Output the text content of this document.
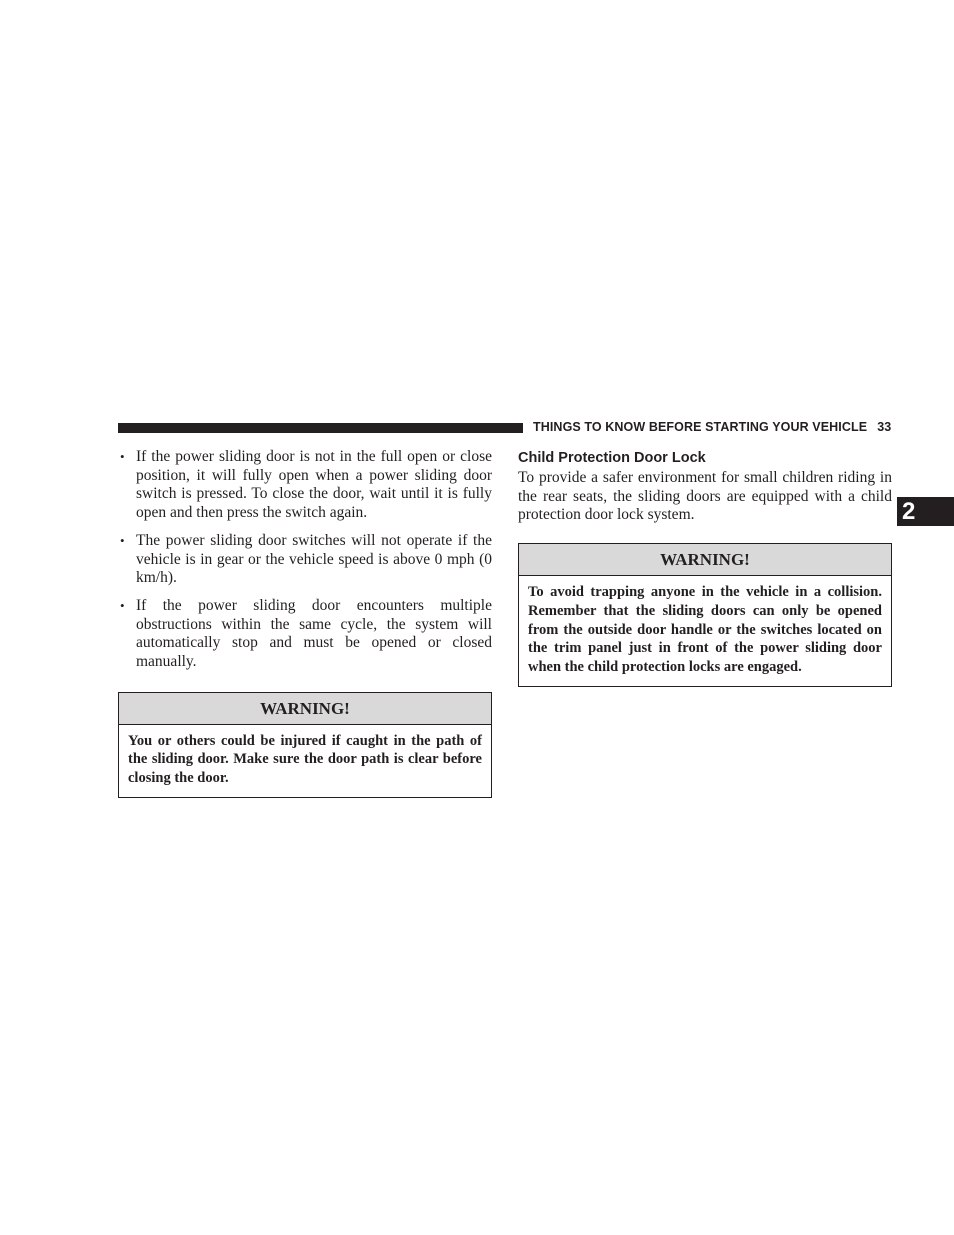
THINGS TO KNOW BEFORE STARTING YOUR VEHICLE 33
2
• If the power sliding door is not in the full open or close position, it will fully open when a power sliding door switch is pressed. To close the door, wait until it is fully open and then press the switch again.
• The power sliding door switches will not operate if the vehicle is in gear or the vehicle speed is above 0 mph (0 km/h).
• If the power sliding door encounters multiple obstructions within the same cycle, the system will automatically stop and must be opened or closed manually.
WARNING!
You or others could be injured if caught in the path of the sliding door. Make sure the door path is clear before closing the door.
Child Protection Door Lock

To provide a safer environment for small children riding in the rear seats, the sliding doors are equipped with a child protection door lock system.

WARNING!
To avoid trapping anyone in the vehicle in a collision. Remember that the sliding doors can only be opened from the outside door handle or the switches located on the trim panel just in front of the power sliding door when the child protection locks are engaged.
